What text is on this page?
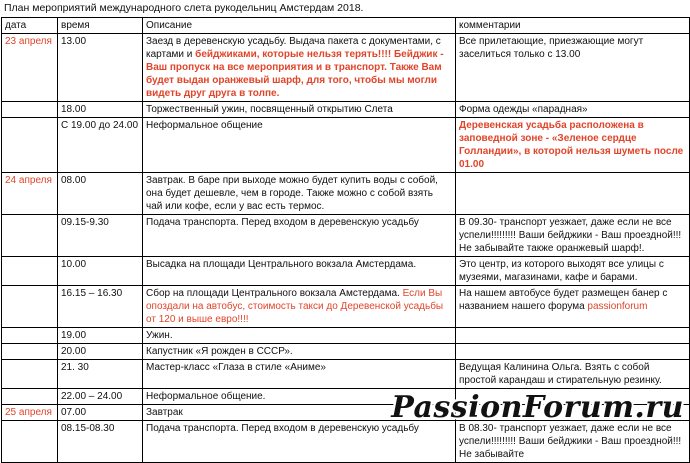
План мероприятий международного слета рукодельниц Амстердам 2018.
дата	время	Описание	комментарии
23 апреля	13.00	Заезд в деревенскую усадьбу. Выдача пакета с документами, с картами и бейджиками, которые нельзя терять!!!! Бейджик - Ваш пропуск на все мероприятия и в транспорт. Также Вам будет выдан оранжевый шарф, для того, чтобы мы могли видеть друг друга в толпе.	Все прилетающие, приезжающие могут заселиться только с 13.00
	18.00	Торжественный ужин, посвященный открытию Слета	Форма одежды «парадная»
	С 19.00 до 24.00	Неформальное общение	Деревенская усадьба расположена в заповедной зоне - «Зеленое сердце Голландии», в которой нельзя шуметь после 01.00
24 апреля	08.00	Завтрак. В баре при выходе можно будет купить воды с собой, она будет дешевле, чем в городе. Также можно с собой взять чай или кофе, если у вас есть термос.	
	09.15-9.30	Подача транспорта. Перед входом в деревенскую усадьбу	В 09.30- транспорт уезжает, даже если не все успели!!!!!!!!! Ваши бейджики - Ваш проездной!!! Не забывайте также оранжевый шарф!.
	10.00	Высадка на площади Центрального вокзала Амстердама.	Это центр, из которого выходят все улицы с музеями, магазинами, кафе и барами.
	16.15 – 16.30	Сбор на площади Центрального вокзала Амстердама. Если Вы опоздали на автобус, стоимость такси до Деревенской усадьбы от 120 и выше евро!!!!	На нашем автобусе будет размещен банер с названием нашего форума passionforum
	19.00	Ужин.	
	20.00	Капустник «Я рожден в СССР».	
	21. 30	Мастер-класс «Глаза в стиле «Аниме»	Ведущая Калинина Ольга. Взять с собой простой карандаш и стирательную резинку.
	22.00 – 24.00	Неформальное общение.	
25 апреля	07.00	Завтрак	
	08.15-08.30	Подача транспорта. Перед входом в деревенскую усадьбу	В 08.30- транспорт уезжает, даже если не все успели!!!!!!!!! Ваши бейджики - Ваш проездной!!! Не забывайте
PassionForum.ru
